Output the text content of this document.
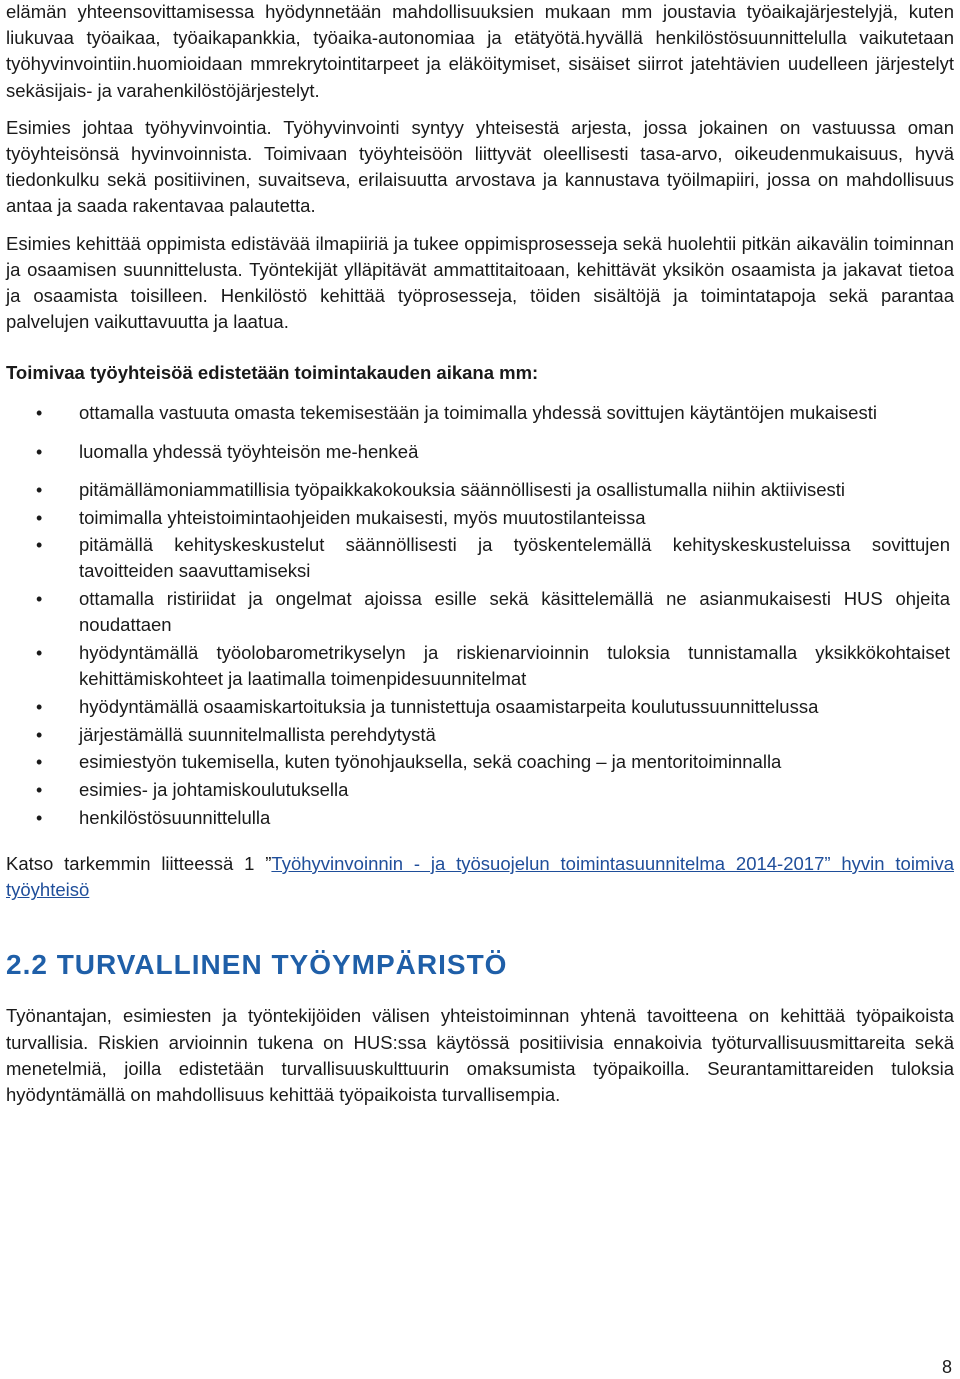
elämän yhteensovittamisessa hyödynnetään mahdollisuuksien mukaan mm joustavia työaikajärjestelyjä, kuten liukuvaa työaikaa, työaikapankkia, työaika-autonomiaa ja etätyötä.hyvällä henkilöstösuunnittelulla vaikutetaan työhyvinvointiin.huomioidaan mmrekrytointitarpeet ja eläköitymiset, sisäiset siirrot jatehtävien uudelleen järjestelyt sekäsijais- ja varahenkilöstöjärjestelyt.

Esimies johtaa työhyvinvointia. Työhyvinvointi syntyy yhteisestä arjesta, jossa jokainen on vastuussa oman työyhteisönsä hyvinvoinnista. Toimivaan työyhteisöön liittyvät oleellisesti tasa-arvo, oikeudenmukaisuus, hyvä tiedonkulku sekä positiivinen, suvaitseva, erilaisuutta arvostava ja kannustava työilmapiiri, jossa on mahdollisuus antaa ja saada rakentavaa palautetta.

Esimies kehittää oppimista edistävää ilmapiiriä ja tukee oppimisprosesseja sekä huolehtii pitkän aikavälin toiminnan ja osaamisen suunnittelusta. Työntekijät ylläpitävät ammattitaitoaan, kehittävät yksikön osaamista ja jakavat tietoa ja osaamista toisilleen. Henkilöstö kehittää työprosesseja, töiden sisältöjä ja toimintatapoja sekä parantaa palvelujen vaikuttavuutta ja laatua.

Toimivaa työyhteisöä edistetään toimintakauden aikana mm:
• ottamalla vastuuta omasta tekemisestään ja toimimalla yhdessä sovittujen käytäntöjen mukaisesti
• luomalla yhdessä työyhteisön me-henkeä
• pitämällämoniammatillisia työpaikkakokouksia säännöllisesti ja osallistumalla niihin aktiivisesti
• toimimalla yhteistoimintaohjeiden mukaisesti, myös muutostilanteissa
• pitämällä kehityskeskustelut säännöllisesti ja työskentelemällä kehityskeskusteluissa sovittujen tavoitteiden saavuttamiseksi
• ottamalla ristiriidat ja ongelmat ajoissa esille sekä käsittelemällä ne asianmukaisesti HUS ohjeita noudattaen
• hyödyntämällä työolobarometrikyselyn ja riskienarvioinnin tuloksia tunnistamalla yksikkökohtaiset kehittämiskohteet ja laatimalla toimenpidesuunnitelmat
• hyödyntämällä osaamiskartoituksia ja tunnistettuja osaamistarpeita koulutussuunnittelussa
• järjestämällä suunnitelmallista perehdytystä
• esimiestyön tukemisella, kuten työnohjauksella, sekä coaching – ja mentoritoiminnalla
• esimies- ja johtamiskoulutuksella
• henkilöstösuunnittelulla

Katso tarkemmin liitteessä 1 ”Työhyvinvoinnin - ja työsuojelun toimintasuunnitelma 2014-2017” hyvin toimiva työyhteisö

2.2 TURVALLINEN TYÖYMPÄRISTÖ

Työnantajan, esimiesten ja työntekijöiden välisen yhteistoiminnan yhtenä tavoitteena on kehittää työpaikoista turvallisia. Riskien arvioinnin tukena on HUS:ssa käytössä positiivisia ennakoivia työturvallisuusmittareita sekä menetelmiä, joilla edistetään turvallisuuskulttuurin omaksumista työpaikoilla. Seurantamittareiden tuloksia hyödyntämällä on mahdollisuus kehittää työpaikoista turvallisempia.

8
